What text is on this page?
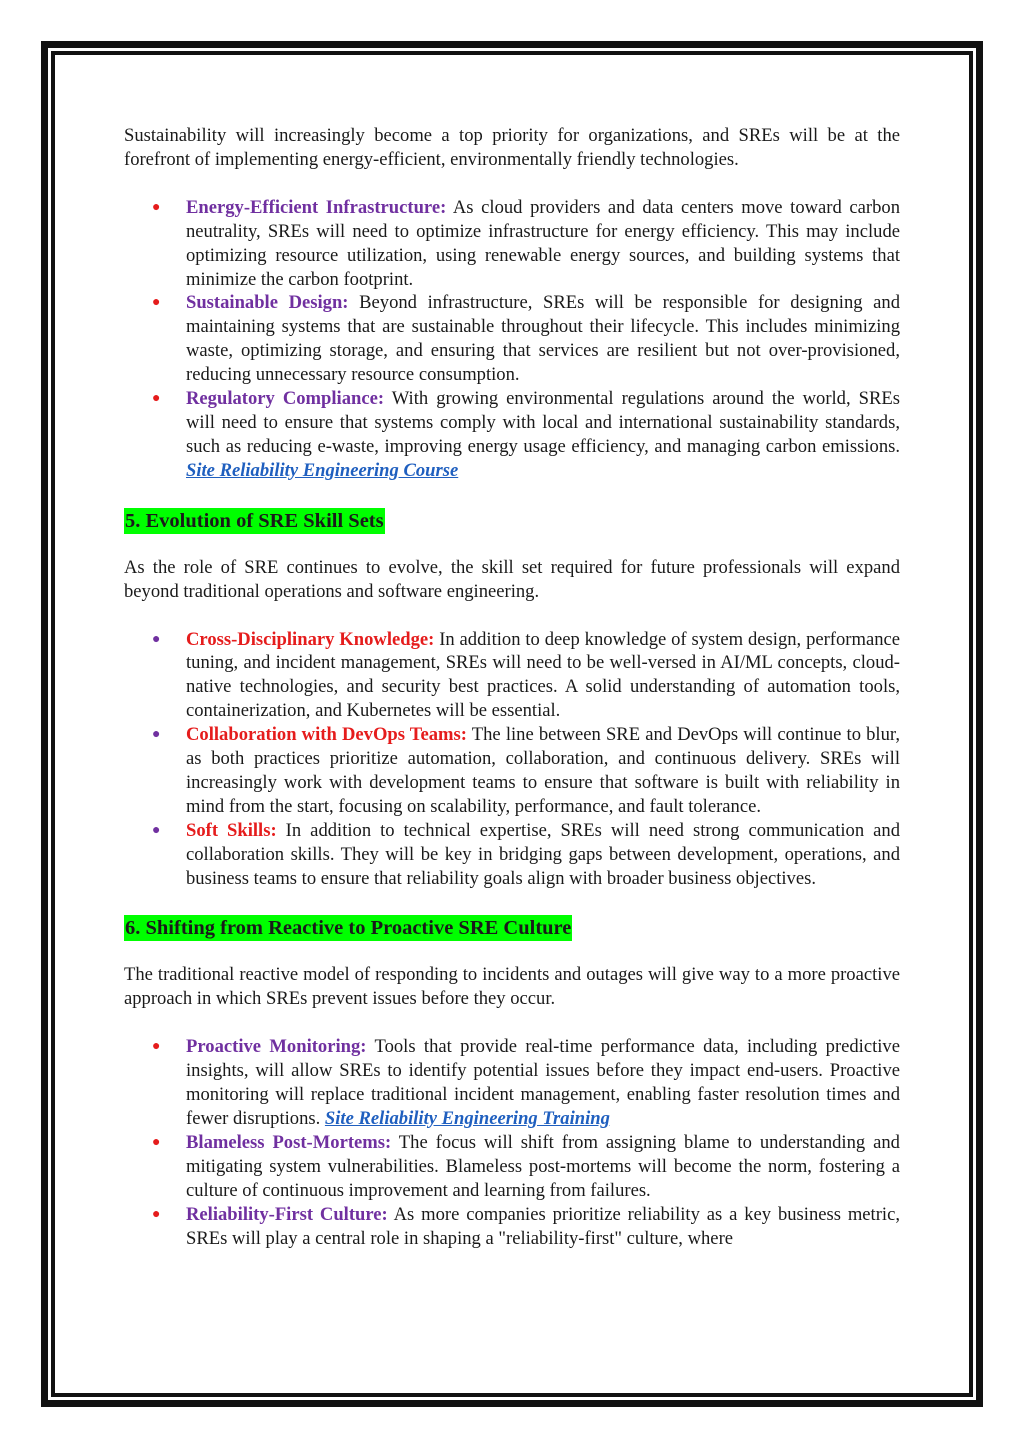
Sustainability will increasingly become a top priority for organizations, and SREs will be at the forefront of implementing energy-efficient, environmentally friendly technologies.

● Energy-Efficient Infrastructure: As cloud providers and data centers move toward carbon neutrality, SREs will need to optimize infrastructure for energy efficiency. This may include optimizing resource utilization, using renewable energy sources, and building systems that minimize the carbon footprint.
● Sustainable Design: Beyond infrastructure, SREs will be responsible for designing and maintaining systems that are sustainable throughout their lifecycle. This includes minimizing waste, optimizing storage, and ensuring that services are resilient but not over-provisioned, reducing unnecessary resource consumption.
● Regulatory Compliance: With growing environmental regulations around the world, SREs will need to ensure that systems comply with local and international sustainability standards, such as reducing e-waste, improving energy usage efficiency, and managing carbon emissions. Site Reliability Engineering Course
5. Evolution of SRE Skill Sets

As the role of SRE continues to evolve, the skill set required for future professionals will expand beyond traditional operations and software engineering.

● Cross-Disciplinary Knowledge: In addition to deep knowledge of system design, performance tuning, and incident management, SREs will need to be well-versed in AI/ML concepts, cloud-native technologies, and security best practices. A solid understanding of automation tools, containerization, and Kubernetes will be essential.
● Collaboration with DevOps Teams: The line between SRE and DevOps will continue to blur, as both practices prioritize automation, collaboration, and continuous delivery. SREs will increasingly work with development teams to ensure that software is built with reliability in mind from the start, focusing on scalability, performance, and fault tolerance.
● Soft Skills: In addition to technical expertise, SREs will need strong communication and collaboration skills. They will be key in bridging gaps between development, operations, and business teams to ensure that reliability goals align with broader business objectives.
6. Shifting from Reactive to Proactive SRE Culture

The traditional reactive model of responding to incidents and outages will give way to a more proactive approach in which SREs prevent issues before they occur.

● Proactive Monitoring: Tools that provide real-time performance data, including predictive insights, will allow SREs to identify potential issues before they impact end-users. Proactive monitoring will replace traditional incident management, enabling faster resolution times and fewer disruptions. Site Reliability Engineering Training
● Blameless Post-Mortems: The focus will shift from assigning blame to understanding and mitigating system vulnerabilities. Blameless post-mortems will become the norm, fostering a culture of continuous improvement and learning from failures.
● Reliability-First Culture: As more companies prioritize reliability as a key business metric, SREs will play a central role in shaping a "reliability-first" culture, where
